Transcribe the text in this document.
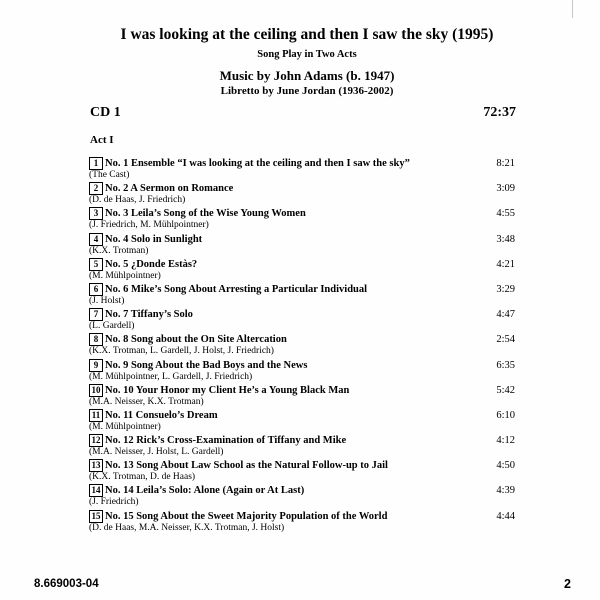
I was looking at the ceiling and then I saw the sky (1995)
Song Play in Two Acts
Music by John Adams (b. 1947)
Libretto by June Jordan (1936-2002)
CD 1	72:37
Act I
1 No. 1 Ensemble “I was looking at the ceiling and then I saw the sky”	8:21
(The Cast)
2 No. 2 A Sermon on Romance	3:09
(D. de Haas, J. Friedrich)
3 No. 3 Leila’s Song of the Wise Young Women	4:55
(J. Friedrich, M. Mühlpointner)
4 No. 4 Solo in Sunlight	3:48
(K.X. Trotman)
5 No. 5 ¿Donde Estàs?	4:21
(M. Mühlpointner)
6 No. 6 Mike’s Song About Arresting a Particular Individual	3:29
(J. Holst)
7 No. 7 Tiffany’s Solo	4:47
(L. Gardell)
8 No. 8 Song about the On Site Altercation	2:54
(K.X. Trotman, L. Gardell, J. Holst, J. Friedrich)
9 No. 9 Song About the Bad Boys and the News	6:35
(M. Mühlpointner, L. Gardell, J. Friedrich)
10 No. 10 Your Honor my Client He’s a Young Black Man	5:42
(M.A. Neisser, K.X. Trotman)
11 No. 11 Consuelo’s Dream	6:10
(M. Mühlpointner)
12 No. 12 Rick’s Cross-Examination of Tiffany and Mike	4:12
(M.A. Neisser, J. Holst, L. Gardell)
13 No. 13 Song About Law School as the Natural Follow-up to Jail	4:50
(K.X. Trotman, D. de Haas)
14 No. 14 Leila’s Solo: Alone (Again or At Last)	4:39
(J. Friedrich)
15 No. 15 Song About the Sweet Majority Population of the World	4:44
(D. de Haas, M.A. Neisser, K.X. Trotman, J. Holst)
8.669003-04	2
